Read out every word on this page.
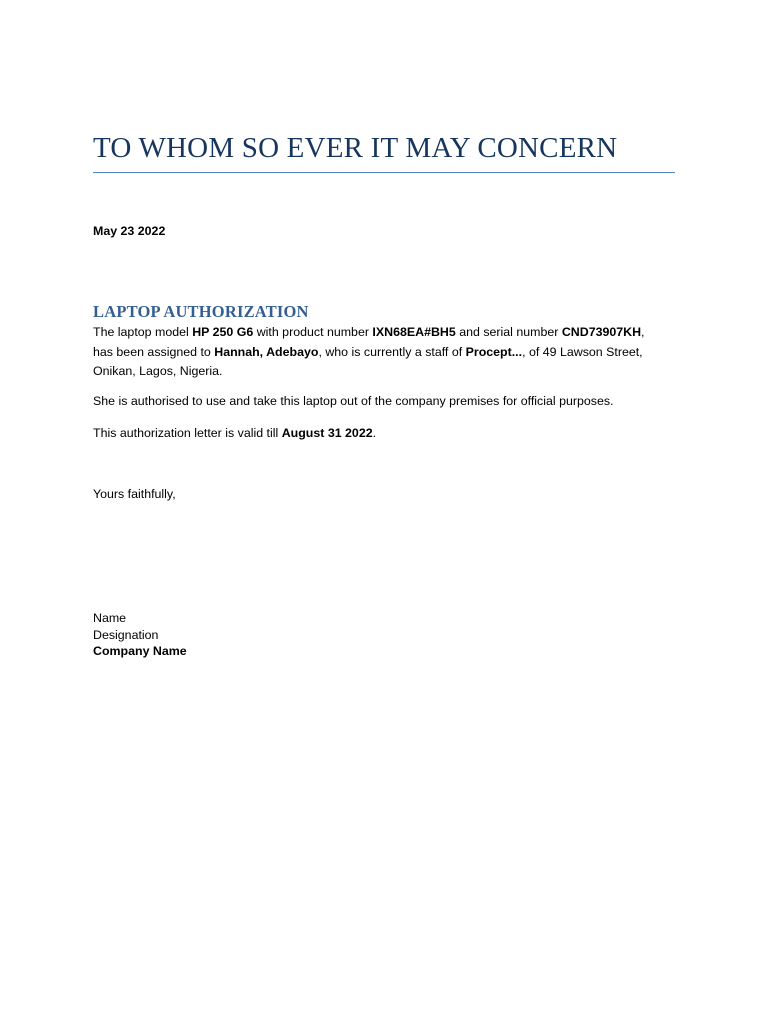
TO WHOM SO EVER IT MAY CONCERN
May 23 2022
LAPTOP AUTHORIZATION

The laptop model HP 250 G6 with product number IXN68EA#BH5 and serial number CND73907KH,
has been assigned to Hannah, Adebayo, who is currently a staff of Procept..., of 49 Lawson Street,
Onikan, Lagos, Nigeria.

She is authorised to use and take this laptop out of the company premises for official purposes.

This authorization letter is valid till August 31 2022.

Yours faithfully,

Name
Designation
Company Name
